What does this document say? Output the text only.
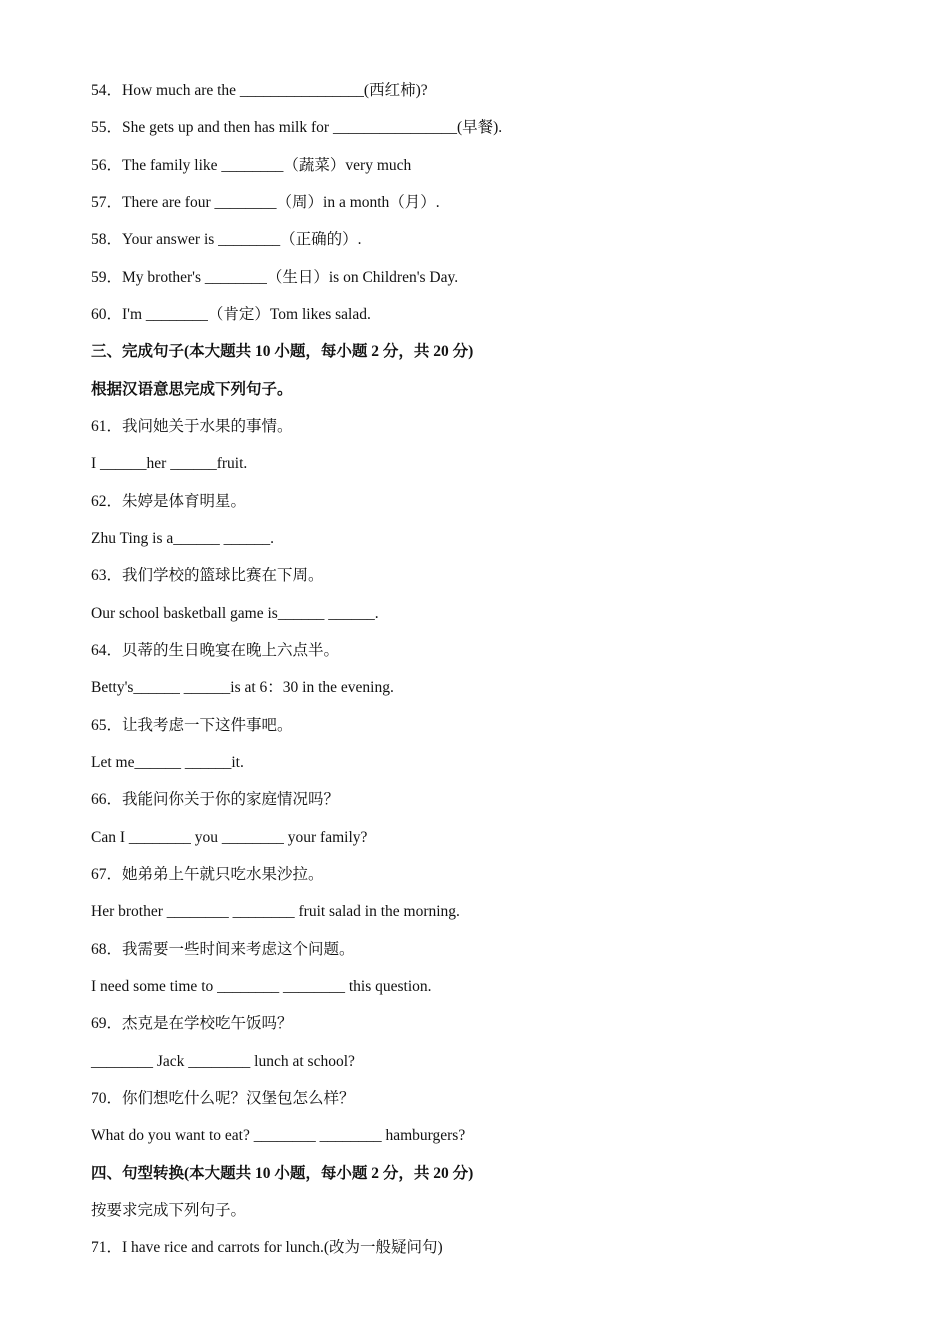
54．How much are the ________________(西红柿)?
55．She gets up and then has milk for ________________(早餐).
56．The family like ________（蔬菜）very much
57．There are four ________（周）in a month（月）.
58．Your answer is ________（正确的）.
59．My brother's ________（生日）is on Children's Day.
60．I'm ________（肯定）Tom likes salad.
三、完成句子(本大题共 10 小题，每小题 2 分，共 20 分)
根据汉语意思完成下列句子。
61．我问她关于水果的事情。
I ______her ______fruit.
62．朱婷是体育明星。
Zhu Ting is a______ ______.
63．我们学校的篮球比赛在下周。
Our school basketball game is______ ______.
64．贝蒂的生日晚宴在晚上六点半。
Betty's______ ______is at 6：30 in the evening.
65．让我考虑一下这件事吧。
Let me______ ______it.
66．我能问你关于你的家庭情况吗？
Can I ________ you ________ your family?
67．她弟弟上午就只吃水果沙拉。
Her brother ________ ________ fruit salad in the morning.
68．我需要一些时间来考虑这个问题。
I need some time to ________ ________ this question.
69．杰克是在学校吃午饭吗？
________ Jack ________ lunch at school?
70．你们想吃什么呢？汉堡包怎么样？
What do you want to eat? ________ ________ hamburgers?
四、句型转换(本大题共 10 小题，每小题 2 分，共 20 分)
按要求完成下列句子。
71．I have rice and carrots for lunch.(改为一般疑问句)
